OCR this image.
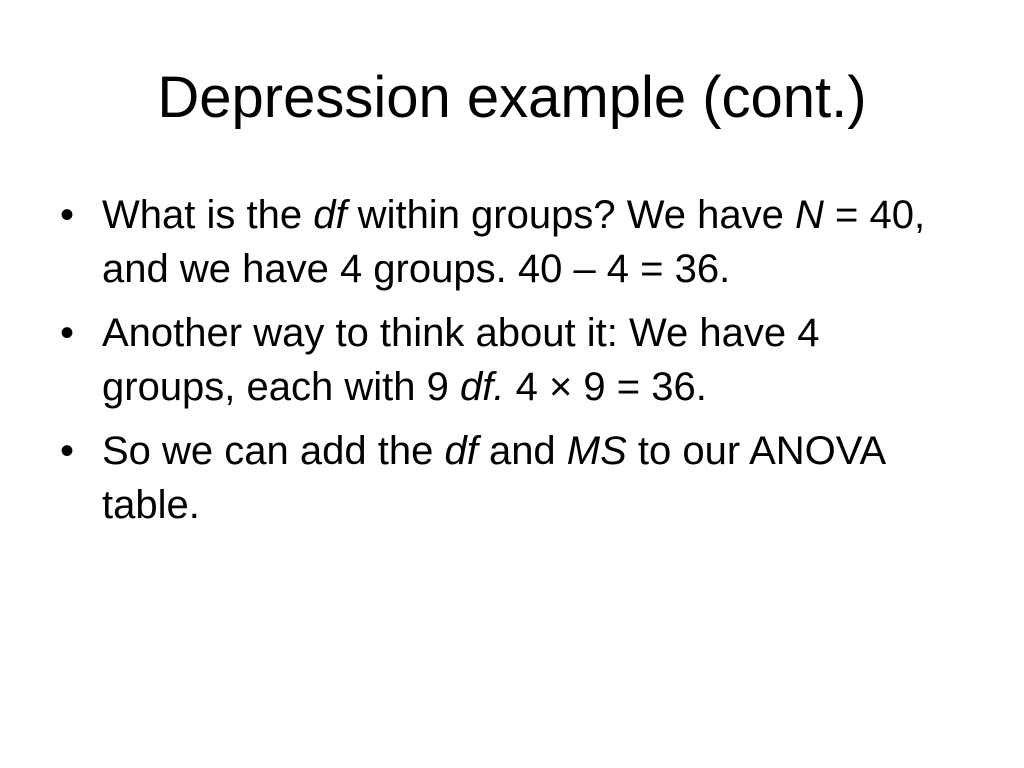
Depression example (cont.)
• What is the df within groups? We have N = 40, and we have 4 groups. 40 – 4 = 36.
• Another way to think about it: We have 4 groups, each with 9 df. 4 × 9 = 36.
• So we can add the df and MS to our ANOVA table.
